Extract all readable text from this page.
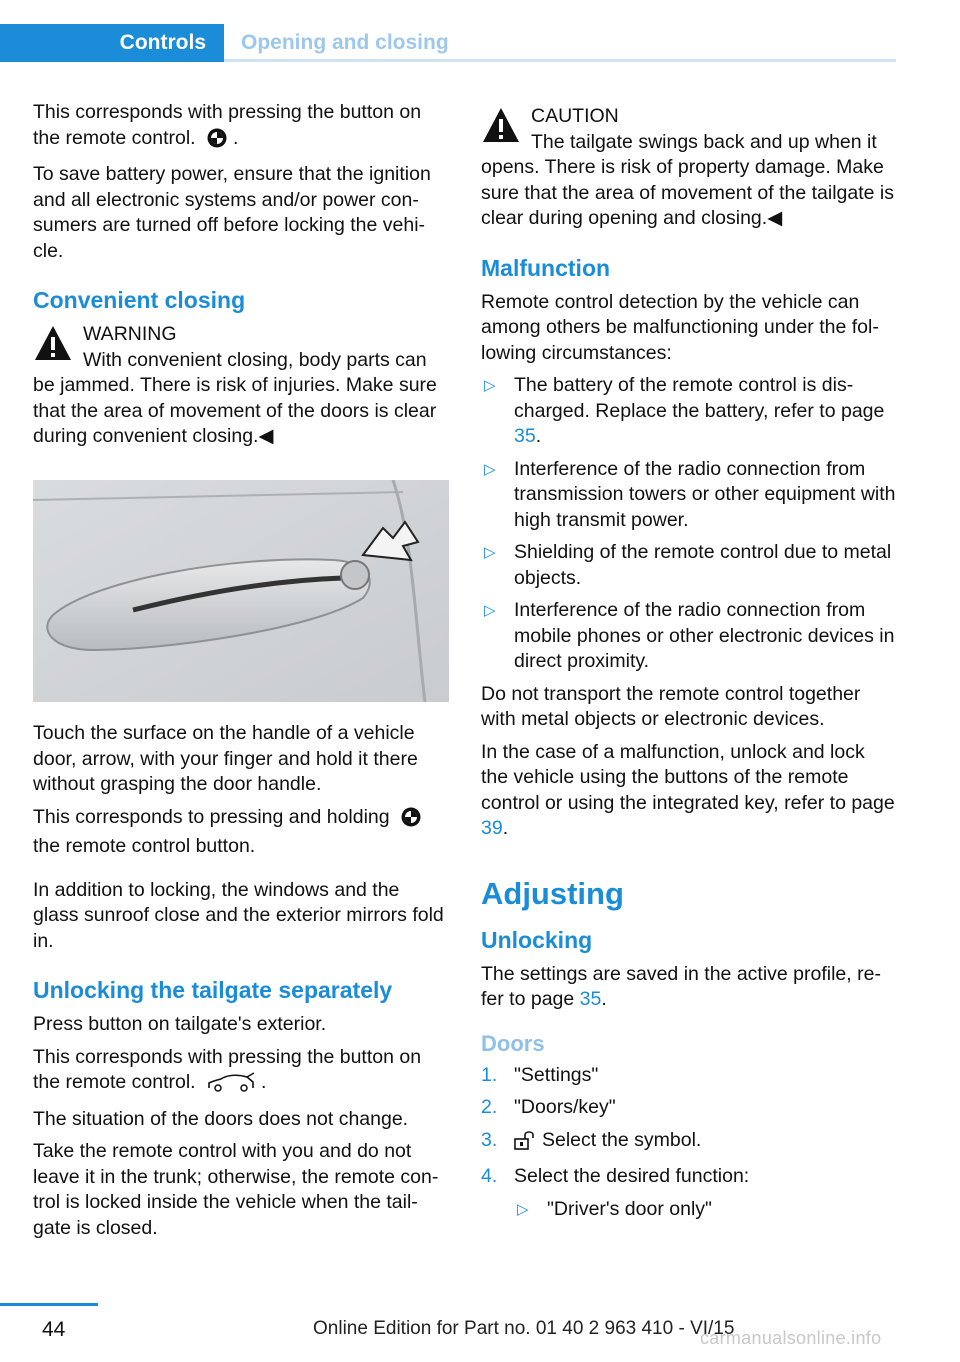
Controls	Opening and closing

This corresponds with pressing the button on the remote control. .

To save battery power, ensure that the ignition and all electronic systems and/or power con-sumers are turned off before locking the vehi-cle.

Convenient closing
WARNING
With convenient closing, body parts can
be jammed. There is risk of injuries. Make sure that the area of movement of the doors is clear during convenient closing.◀

Touch the surface on the handle of a vehicle door, arrow, with your finger and hold it there without grasping the door handle.

This corresponds to pressing and holding
the remote control button.

In addition to locking, the windows and the glass sunroof close and the exterior mirrors fold in.

Unlocking the tailgate separately

Press button on tailgate's exterior.

This corresponds with pressing the button on the remote control.	.

The situation of the doors does not change.

Take the remote control with you and do not leave it in the trunk; otherwise, the remote con-trol is locked inside the vehicle when the tail-gate is closed.

CAUTION
The tailgate swings back and up when it
opens. There is risk of property damage. Make sure that the area of movement of the tailgate is clear during opening and closing.◀
Malfunction

Remote control detection by the vehicle can among others be malfunctioning under the fol-lowing circumstances:

▷ The battery of the remote control is dis-charged. Replace the battery, refer to page 35.
▷ Interference of the radio connection from transmission towers or other equipment with high transmit power.
▷ Shielding of the remote control due to metal objects.
▷ Interference of the radio connection from mobile phones or other electronic devices in direct proximity.

Do not transport the remote control together with metal objects or electronic devices.

In the case of a malfunction, unlock and lock the vehicle using the buttons of the remote control or using the integrated key, refer to page 39.

Adjusting
Unlocking

The settings are saved in the active profile, re-fer to page 35.

Doors
1. "Settings"
2. "Doors/key"
3. Select the symbol.
4. Select the desired function:
▷ "Driver's door only"
44	Online Edition for Part no. 01 40 2 963 410 - VI/15
carmanualsonline.info
